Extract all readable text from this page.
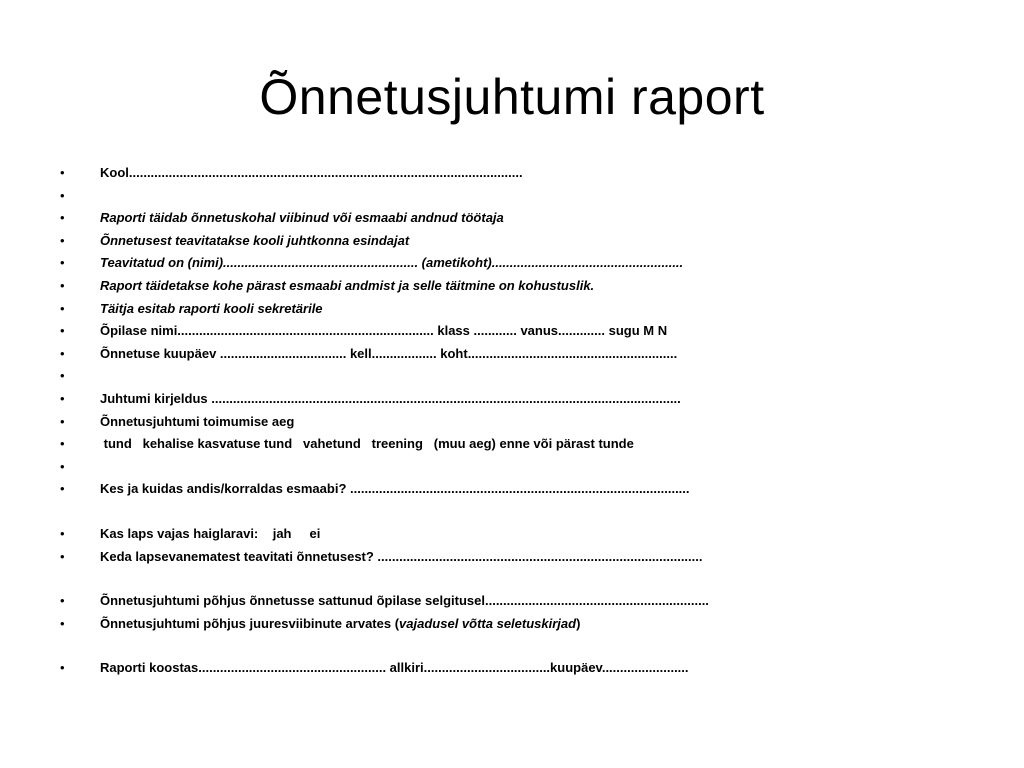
Õnnetusjuhtumi raport
•	Kool.............................................................................................................
•
•	Raporti täidab õnnetuskohal viibinud või esmaabi andnud töötaja
•	Õnnetusest teavitatakse kooli juhtkonna esindajat
•	Teavitatud on (nimi)...................................................... (ametikoht).....................................................
•	Raport täidetakse kohe pärast esmaabi andmist ja selle täitmine on kohustuslik.
•	Täitja esitab raporti kooli sekretärile
•	Õpilase nimi....................................................................... klass ............ vanus............. sugu M N
•	Õnnetuse kuupäev ................................... kell.................. koht..........................................................
•
•	Juhtumi kirjeldus ..................................................................................................................................
•	Õnnetusjuhtumi toimumise aeg
•	tund   kehalise kasvatuse tund   vahetund   treening   (muu aeg) enne või pärast tunde
•
•	Kes ja kuidas andis/korraldas esmaabi? ..............................................................................................
•	Kas laps vajas haiglaravi:    jah     ei
•	Keda lapsevanematest teavitati õnnetusest? ..........................................................................................
•	Õnnetusjuhtumi põhjus õnnetusse sattunud õpilase selgitusel..............................................................
•	Õnnetusjuhtumi põhjus juuresviibinute arvates (vajadusel võtta seletuskirjad)
•	Raporti koostas.................................................... allkiri...................................kuupäev........................
